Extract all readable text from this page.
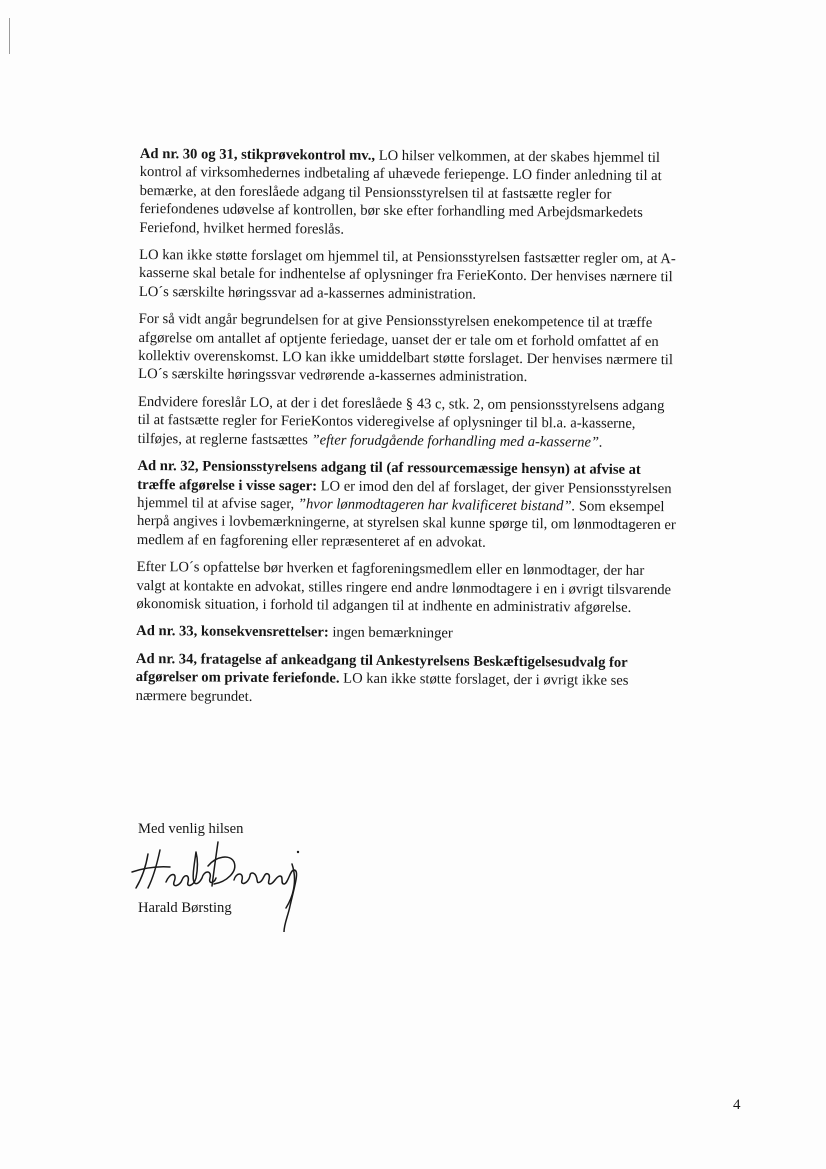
Ad nr. 30 og 31, stikprøvekontrol mv., LO hilser velkommen, at der skabes hjemmel til kontrol af virksomhedernes indbetaling af uhævede feriepenge. LO finder anledning til at bemærke, at den foreslåede adgang til Pensionsstyrelsen til at fastsætte regler for feriefondenes udøvelse af kontrollen, bør ske efter forhandling med Arbejdsmarkedets Feriefond, hvilket hermed foreslås.

LO kan ikke støtte forslaget om hjemmel til, at Pensionsstyrelsen fastsætter regler om, at A-kasserne skal betale for indhentelse af oplysninger fra FerieKonto. Der henvises nærnere til LO´s særskilte høringssvar ad a-kassernes administration.

For så vidt angår begrundelsen for at give Pensionsstyrelsen enekompetence til at træffe afgørelse om antallet af optjente feriedage, uanset der er tale om et forhold omfattet af en kollektiv overenskomst. LO kan ikke umiddelbart støtte forslaget. Der henvises nærmere til LO´s særskilte høringssvar vedrørende a-kassernes administration.

Endvidere foreslår LO, at der i det foreslåede § 43 c, stk. 2, om pensionsstyrelsens adgang til at fastsætte regler for FerieKontos videregivelse af oplysninger til bl.a. a-kasserne, tilføjes, at reglerne fastsættes ”efter forudgående forhandling med a-kasserne”.

Ad nr. 32, Pensionsstyrelsens adgang til (af ressourcemæssige hensyn) at afvise at træffe afgørelse i visse sager: LO er imod den del af forslaget, der giver Pensionsstyrelsen hjemmel til at afvise sager, ”hvor lønmodtageren har kvalificeret bistand”. Som eksempel herpå angives i lovbemærkningerne, at styrelsen skal kunne spørge til, om lønmodtageren er medlem af en fagforening eller repræsenteret af en advokat.

Efter LO´s opfattelse bør hverken et fagforeningsmedlem eller en lønmodtager, der har valgt at kontakte en advokat, stilles ringere end andre lønmodtagere i en i øvrigt tilsvarende økonomisk situation, i forhold til adgangen til at indhente en administrativ afgørelse.

Ad nr. 33, konsekvensrettelser: ingen bemærkninger

Ad nr. 34, fratagelse af ankeadgang til Ankestyrelsens Beskæftigelsesudvalg for afgørelser om private feriefonde. LO kan ikke støtte forslaget, der i øvrigt ikke ses nærmere begrundet.

Med venlig hilsen
Harald Børsting
4
